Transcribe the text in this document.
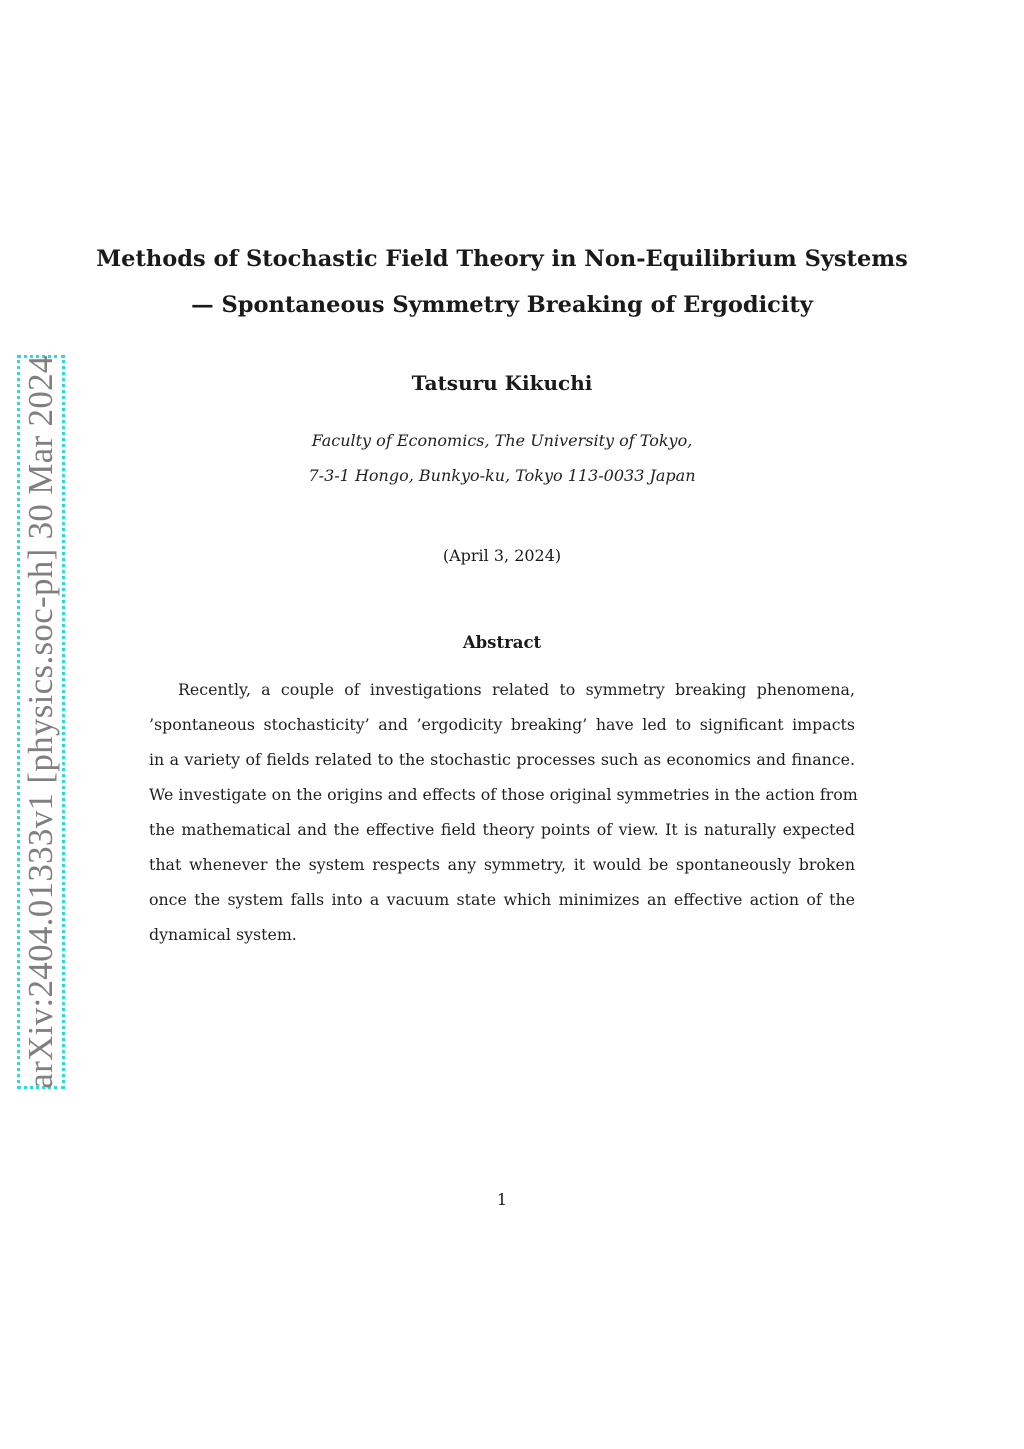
arXiv:2404.01333v1 [physics.soc-ph] 30 Mar 2024
Methods of Stochastic Field Theory in Non-Equilibrium Systems
— Spontaneous Symmetry Breaking of Ergodicity
Tatsuru Kikuchi
Faculty of Economics, The University of Tokyo,
7-3-1 Hongo, Bunkyo-ku, Tokyo 113-0033 Japan
(April 3, 2024)
Abstract
Recently, a couple of investigations related to symmetry breaking phenomena,
’spontaneous stochasticity’ and ’ergodicity breaking’ have led to significant impacts
in a variety of fields related to the stochastic processes such as economics and finance.
We investigate on the origins and effects of those original symmetries in the action from
the mathematical and the effective field theory points of view. It is naturally expected
that whenever the system respects any symmetry, it would be spontaneously broken
once the system falls into a vacuum state which minimizes an effective action of the
dynamical system.
1
